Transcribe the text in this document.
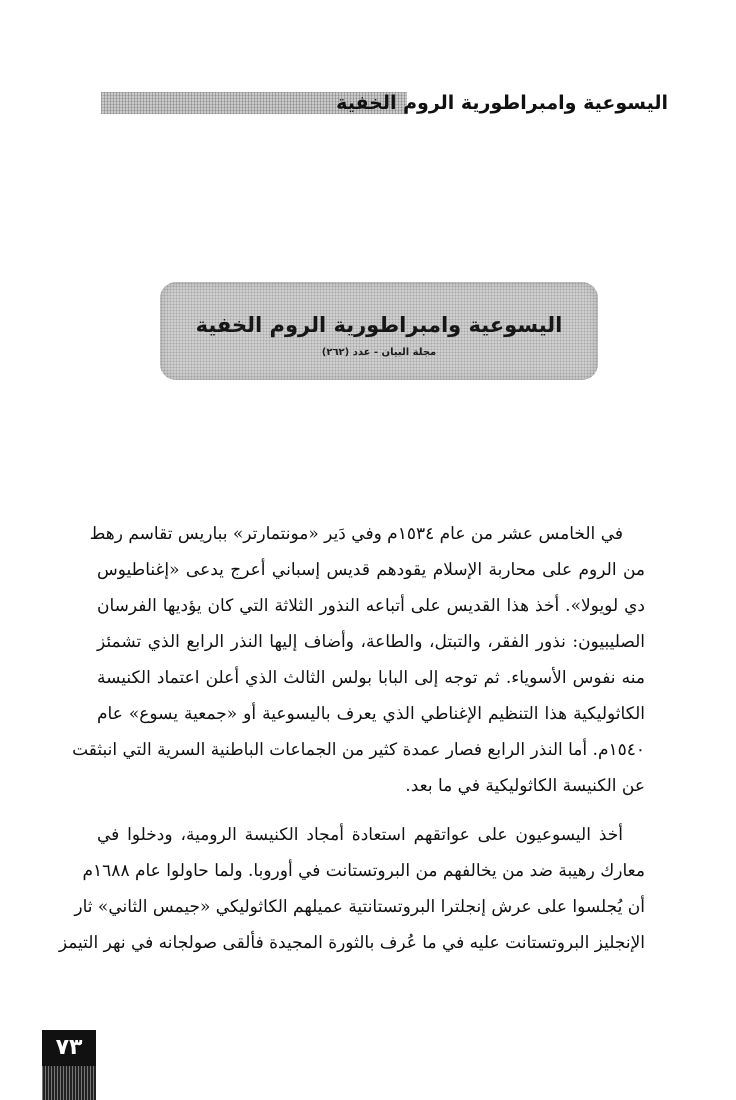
اليسوعية وامبراطورية الروم الخفية
اليسوعية وامبراطورية الروم الخفية
مجلة البيان - عدد (٢٦٢)
في الخامس عشر من عام ١٥٣٤م وفي دَير «مونتمارتر» بباريس تقاسم رهط
من الروم على محاربة الإسلام يقودهم قديس إسباني أعرج يدعى «إغناطيوس
دي لويولا». أخذ هذا القديس على أتباعه النذور الثلاثة التي كان يؤديها الفرسان
الصليبيون: نذور الفقر، والتبتل، والطاعة، وأضاف إليها النذر الرابع الذي تشمئز
منه نفوس الأسوياء. ثم توجه إلى البابا بولس الثالث الذي أعلن اعتماد الكنيسة
الكاثوليكية هذا التنظيم الإغناطي الذي يعرف باليسوعية أو «جمعية يسوع» عام
١٥٤٠م. أما النذر الرابع فصار عمدة كثير من الجماعات الباطنية السرية التي انبثقت
عن الكنيسة الكاثوليكية في ما بعد.
أخذ اليسوعيون على عواتقهم استعادة أمجاد الكنيسة الرومية، ودخلوا في
معارك رهيبة ضد من يخالفهم من البروتستانت في أوروبا. ولما حاولوا عام ١٦٨٨م
أن يُجلسوا على عرش إنجلترا البروتستانتية عميلهم الكاثوليكي «جيمس الثاني» ثار
الإنجليز البروتستانت عليه في ما عُرف بالثورة المجيدة فألقى صولجانه في نهر التيمز
٧٣
